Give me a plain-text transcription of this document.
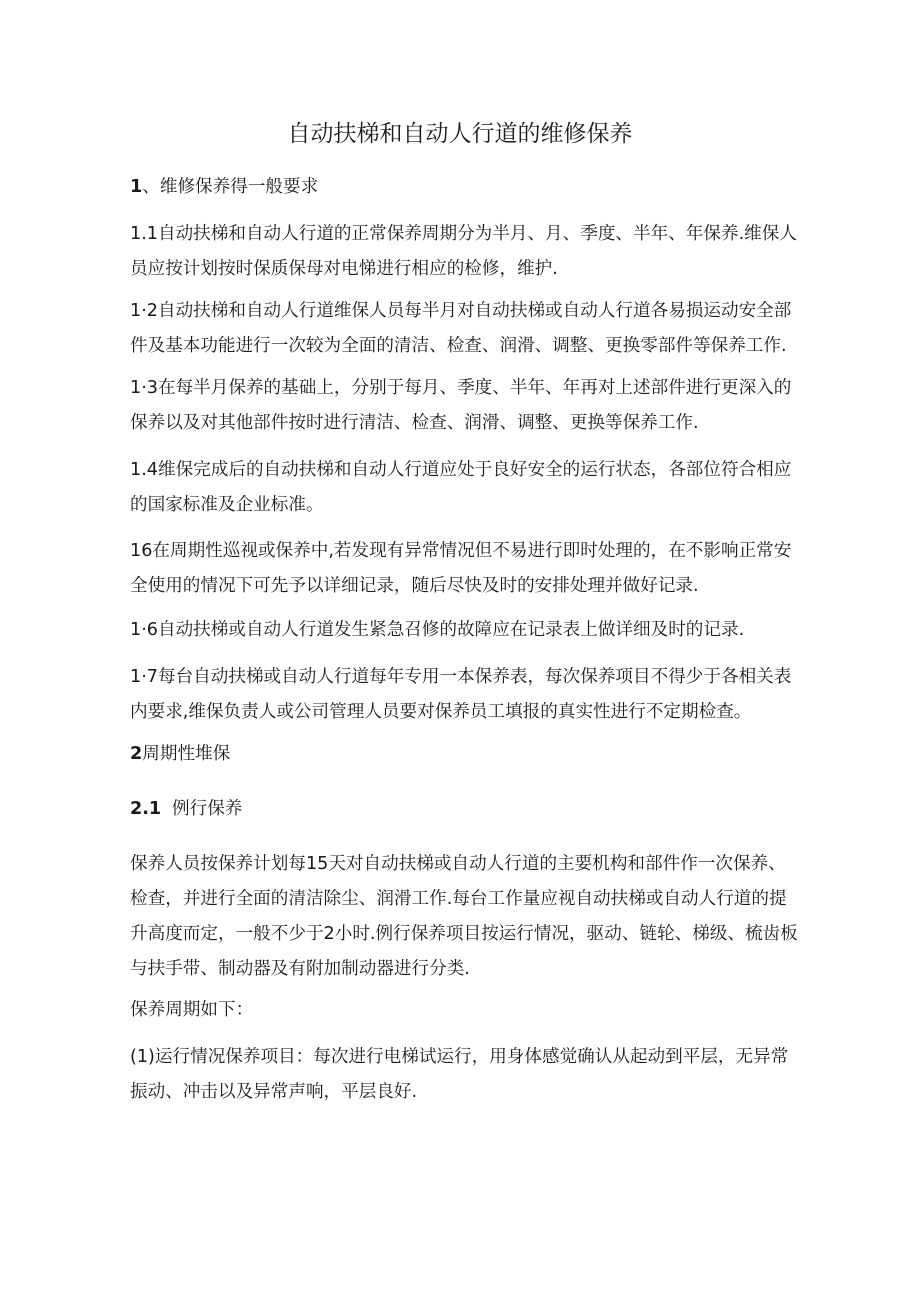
自动扶梯和自动人行道的维修保养
1、维修保养得一般要求
1.1自动扶梯和自动人行道的正常保养周期分为半月、月、季度、半年、年保养.维保人
员应按计划按时保质保母对电悌进行相应的检修，维护.
1·2自动扶梯和自动人行道维保人员每半月对自动扶梯或自动人行道各易损运动安全部
件及基本功能进行一次较为全面的清洁、检查、润滑、调整、更换零部件等保养工作.
1·3在每半月保养的基础上，分别于每月、季度、半年、年再对上述部件进行更深入的
保养以及对其他部件按时进行清洁、检查、润滑、调整、更换等保养工作.
1.4维保完成后的自动扶梯和自动人行道应处于良好安全的运行状态，各部位符合相应
的国家标准及企业标准。
16在周期性巡视或保养中,若发现有异常情况但不易进行即时处理的，在不影响正常安
全使用的情况下可先予以详细记录，随后尽快及时的安排处理并做好记录.
1·6自动扶梯或自动人行道发生紧急召修的故障应在记录表上做详细及时的记录.
1·7每台自动扶梯或自动人行道每年专用一本保养表，每次保养项目不得少于各相关表
内要求,维保负责人或公司管理人员要对保养员工填报的真实性进行不定期检查。
2周期性堆保
2.1 例行保养
保养人员按保养计划每15天对自动扶梯或自动人行道的主要机构和部件作一次保养、
检查，并进行全面的清洁除尘、润滑工作.每台工作量应视自动扶梯或自动人行道的提
升高度而定，一般不少于2小时.例行保养项目按运行情况，驱动、链轮、梯级、梳齿板
与扶手带、制动器及有附加制动器进行分类.
保养周期如下：
(1)运行情况保养项目：每次进行电梯试运行，用身体感觉确认从起动到平层，无异常
振动、冲击以及异常声响，平层良好.
